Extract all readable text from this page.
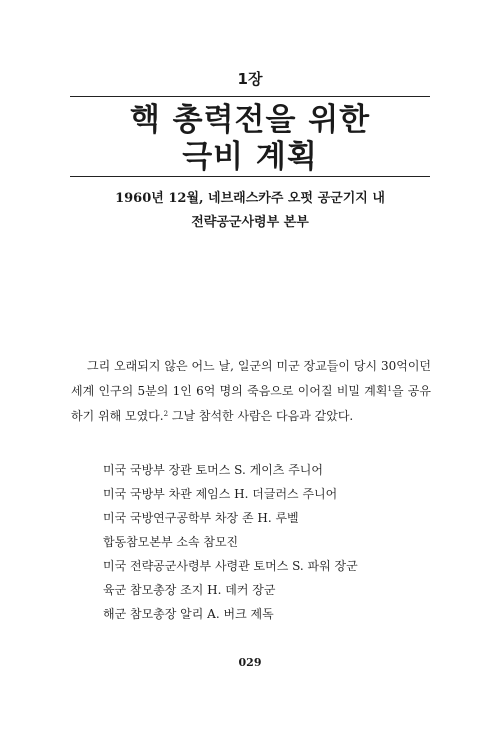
1장
핵 총력전을 위한
극비 계획
1960년 12월, 네브래스카주 오펏 공군기지 내
전략공군사령부 본부

그리 오래되지 않은 어느 날, 일군의 미군 장교들이 당시 30억이던 세계 인구의 5분의 1인 6억 명의 죽음으로 이어질 비밀 계획$^1$을 공유하기 위해 모였다.$^2$ 그날 참석한 사람은 다음과 같았다.

미국 국방부 장관 토머스 S. 게이츠 주니어
미국 국방부 차관 제임스 H. 더글러스 주니어
미국 국방연구공학부 차장 존 H. 루벨
합동참모본부 소속 참모진
미국 전략공군사령부 사령관 토머스 S. 파워 장군
육군 참모총장 조지 H. 데커 장군
해군 참모총장 알리 A. 버크 제독
029
